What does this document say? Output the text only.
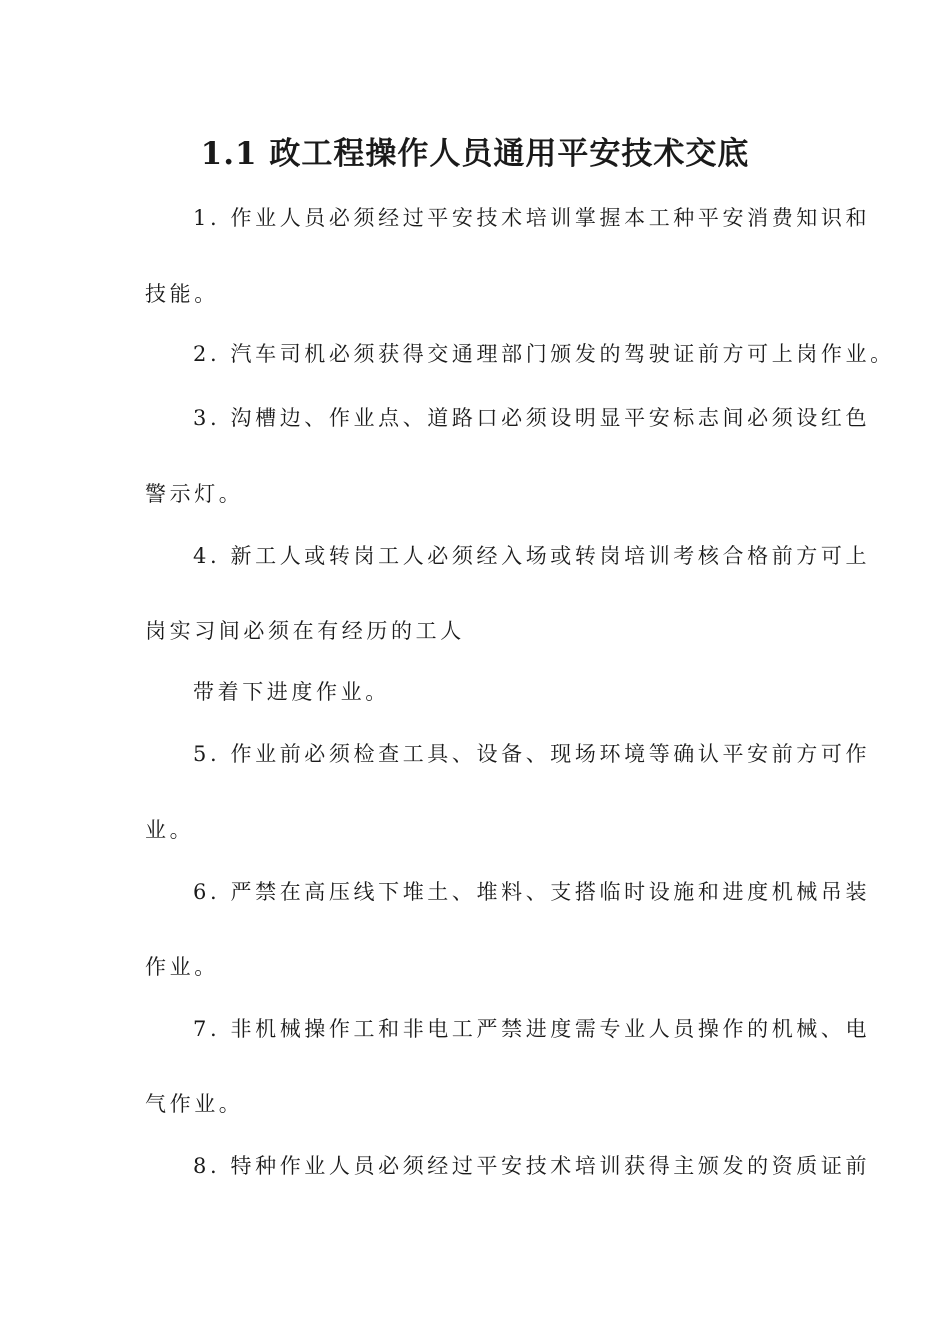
1.1 政工程操作人员通用平安技术交底
1. 作业人员必须经过平安技术培训掌握本工种平安消费知识和
技能。
2. 汽车司机必须获得交通理部门颁发的驾驶证前方可上岗作业。
3. 沟槽边、作业点、道路口必须设明显平安标志间必须设红色
警示灯。
4. 新工人或转岗工人必须经入场或转岗培训考核合格前方可上
岗实习间必须在有经历的工人
带着下进度作业。
5. 作业前必须检查工具、设备、现场环境等确认平安前方可作
业。
6. 严禁在高压线下堆土、堆料、支搭临时设施和进度机械吊装
作业。
7. 非机械操作工和非电工严禁进度需专业人员操作的机械、电
气作业。
8. 特种作业人员必须经过平安技术培训获得主颁发的资质证前
